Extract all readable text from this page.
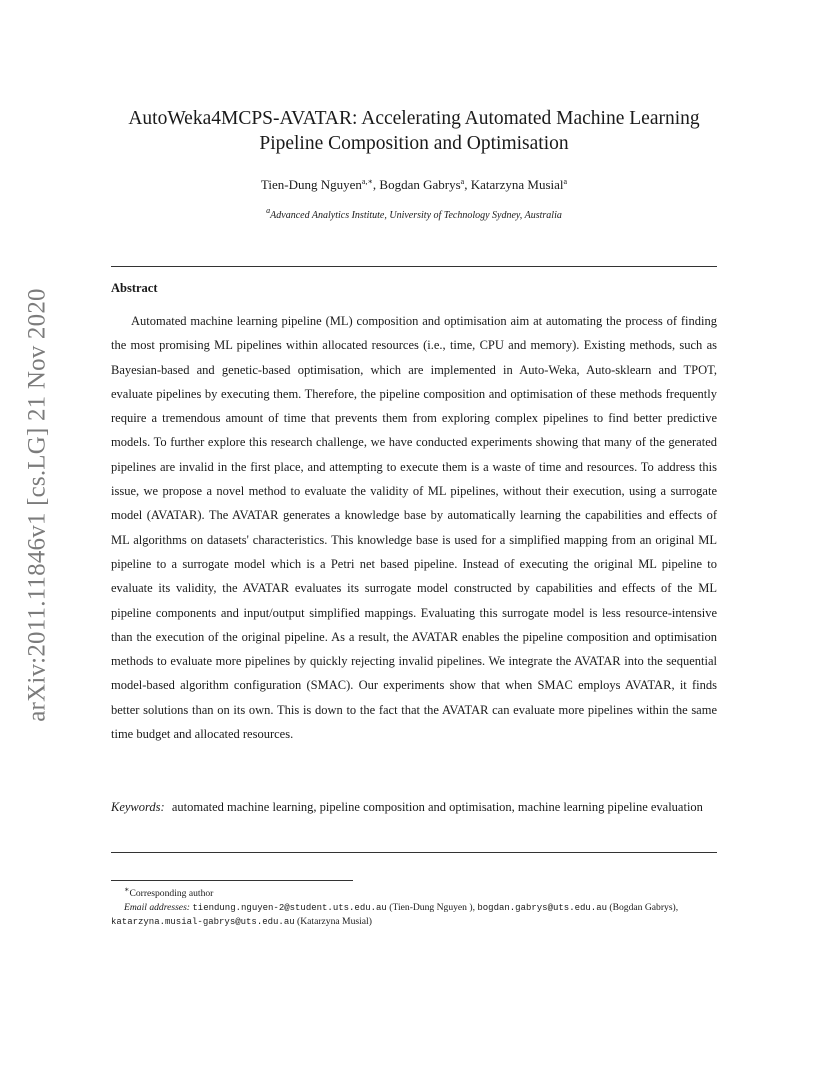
arXiv:2011.11846v1 [cs.LG] 21 Nov 2020
AutoWeka4MCPS-AVATAR: Accelerating Automated Machine Learning
Pipeline Composition and Optimisation
Tien-Dung Nguyen$^{a,∗}$, Bogdan Gabrys$^a$, Katarzyna Musial$^a$
$^a$Advanced Analytics Institute, University of Technology Sydney, Australia
Abstract

Automated machine learning pipeline (ML) composition and optimisation aim at automating the process of finding the most promising ML pipelines within allocated resources (i.e., time, CPU and memory). Existing methods, such as Bayesian-based and genetic-based optimisation, which are implemented in Auto-Weka, Auto-sklearn and TPOT, evaluate pipelines by executing them. Therefore, the pipeline composition and optimisation of these methods frequently require a tremendous amount of time that prevents them from exploring complex pipelines to find better predictive models. To further explore this research challenge, we have conducted experiments showing that many of the generated pipelines are invalid in the first place, and attempting to execute them is a waste of time and resources. To address this issue, we propose a novel method to evaluate the validity of ML pipelines, without their execution, using a surrogate model (AVATAR). The AVATAR generates a knowledge base by automatically learning the capabilities and effects of ML algorithms on datasets' characteristics. This knowledge base is used for a simplified mapping from an original ML pipeline to a surrogate model which is a Petri net based pipeline. Instead of executing the original ML pipeline to evaluate its validity, the AVATAR evaluates its surrogate model constructed by capabilities and effects of the ML pipeline components and input/output simplified mappings. Evaluating this surrogate model is less resource-intensive than the execution of the original pipeline. As a result, the AVATAR enables the pipeline composition and optimisation methods to evaluate more pipelines by quickly rejecting invalid pipelines. We integrate the AVATAR into the sequential model-based algorithm configuration (SMAC). Our experiments show that when SMAC employs AVATAR, it finds better solutions than on its own. This is down to the fact that the AVATAR can evaluate more pipelines within the same time budget and allocated resources.

Keywords: automated machine learning, pipeline composition and optimisation, machine learning pipeline evaluation

∗Corresponding author
Email addresses: tiendung.nguyen-2@student.uts.edu.au (Tien-Dung Nguyen ), bogdan.gabrys@uts.edu.au (Bogdan Gabrys), katarzyna.musial-gabrys@uts.edu.au (Katarzyna Musial)
